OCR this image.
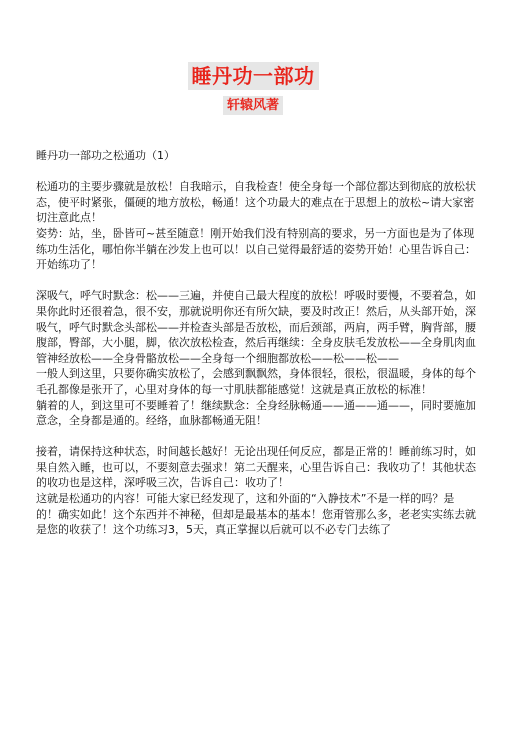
睡丹功一部功
轩辕风著

睡丹功一部功之松通功（1）

松通功的主要步骤就是放松！自我暗示，自我检查！使全身每一个部位都达到彻底的放松状态，使平时紧张，僵硬的地方放松，畅通！这个功最大的难点在于思想上的放松~请大家密切注意此点！

姿势：站，坐，卧皆可~甚至随意！刚开始我们没有特别高的要求，另一方面也是为了体现练功生活化，哪怕你半躺在沙发上也可以！以自己觉得最舒适的姿势开始！心里告诉自己：开始练功了！

深吸气，呼气时默念：松——三遍，并使自己最大程度的放松！呼吸时要慢，不要着急，如果你此时还很着急，很不安，那就说明你还有所欠缺，要及时改正！然后，从头部开始，深吸气，呼气时默念头部松——并检查头部是否放松，而后颈部，两肩，两手臂，胸背部，腰腹部，臀部，大小腿，脚，依次放松检查，然后再继续：全身皮肤毛发放松——全身肌肉血管神经放松——全身骨骼放松——全身每一个细胞都放松——松——松——

一般人到这里，只要你确实放松了，会感到飘飘然，身体很轻，很松，很温暖，身体的每个毛孔都像是张开了，心里对身体的每一寸肌肤都能感觉！这就是真正放松的标准！

躺着的人，到这里可不要睡着了！继续默念：全身经脉畅通——通——通——，同时要施加意念，全身都是通的。经络，血脉都畅通无阻！

接着，请保持这种状态，时间越长越好！无论出现任何反应，都是正常的！睡前练习时，如果自然入睡，也可以，不要刻意去强求！第二天醒来，心里告诉自己：我收功了！其他状态的收功也是这样，深呼吸三次，告诉自己：收功了！

这就是松通功的内容！可能大家已经发现了，这和外面的“入静技术”不是一样的吗？是的！确实如此！这个东西并不神秘，但却是最基本的基本！您甭管那么多，老老实实练去就是您的收获了！这个功练习3，5天，真正掌握以后就可以不必专门去练了
